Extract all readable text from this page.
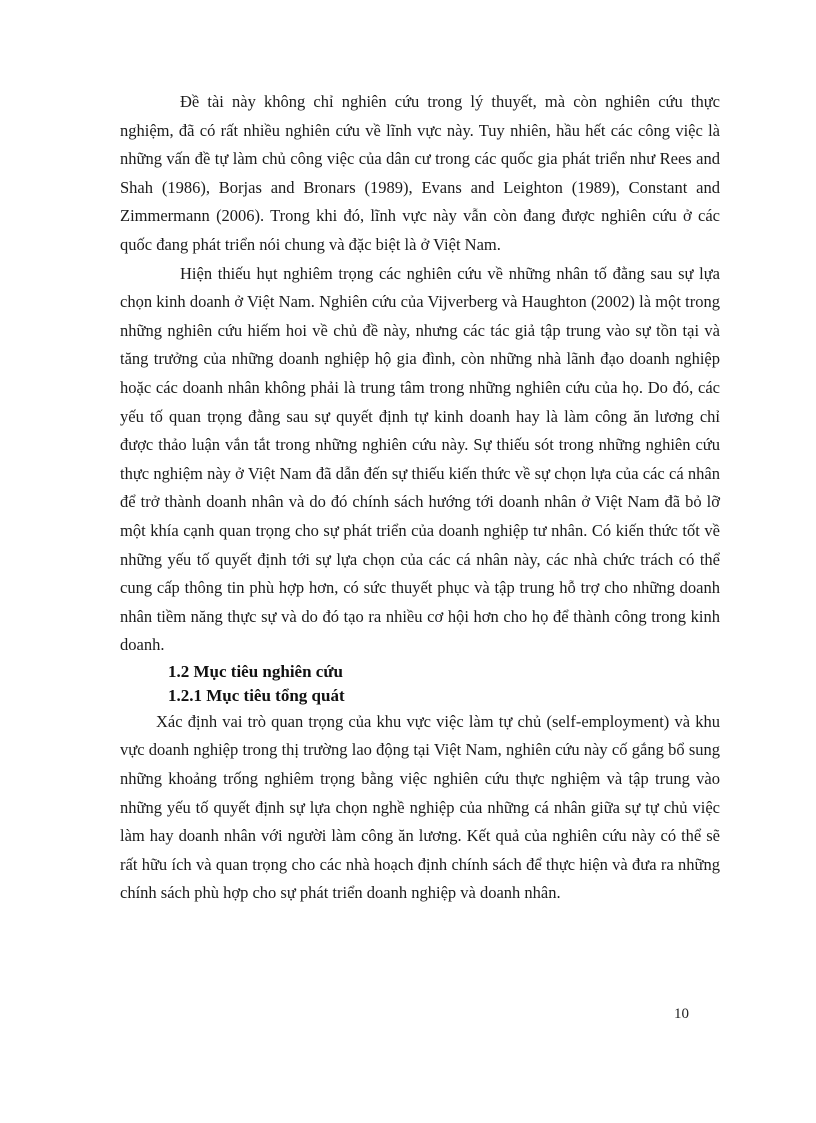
Đề tài này không chỉ nghiên cứu trong lý thuyết, mà còn nghiên cứu thực nghiệm, đã có rất nhiều nghiên cứu về lĩnh vực này. Tuy nhiên, hầu hết các công việc là những vấn đề tự làm chủ công việc của dân cư trong các quốc gia phát triển như Rees and Shah (1986), Borjas and Bronars (1989), Evans and Leighton (1989), Constant and Zimmermann (2006). Trong khi đó, lĩnh vực này vẫn còn đang được nghiên cứu ở các quốc đang phát triển nói chung và đặc biệt là ở Việt Nam.

Hiện thiếu hụt nghiêm trọng các nghiên cứu về những nhân tố đằng sau sự lựa chọn kinh doanh ở Việt Nam. Nghiên cứu của Vijverberg và Haughton (2002) là một trong những nghiên cứu hiếm hoi về chủ đề này, nhưng các tác giả tập trung vào sự tồn tại và tăng trưởng của những doanh nghiệp hộ gia đình, còn những nhà lãnh đạo doanh nghiệp hoặc các doanh nhân không phải là trung tâm trong những nghiên cứu của họ. Do đó, các yếu tố quan trọng đằng sau sự quyết định tự kinh doanh hay là làm công ăn lương chỉ được thảo luận vắn tắt trong những nghiên cứu này. Sự thiếu sót trong những nghiên cứu thực nghiệm này ở Việt Nam đã dẫn đến sự thiếu kiến thức về sự chọn lựa của các cá nhân để trở thành doanh nhân và do đó chính sách hướng tới doanh nhân ở Việt Nam đã bỏ lỡ một khía cạnh quan trọng cho sự phát triển của doanh nghiệp tư nhân. Có kiến thức tốt về những yếu tố quyết định tới sự lựa chọn của các cá nhân này, các nhà chức trách có thể cung cấp thông tin phù hợp hơn, có sức thuyết phục và tập trung hỗ trợ cho những doanh nhân tiềm năng thực sự và do đó tạo ra nhiều cơ hội hơn cho họ để thành công trong kinh doanh.

1.2 Mục tiêu nghiên cứu
1.2.1 Mục tiêu tổng quát

Xác định vai trò quan trọng của khu vực việc làm tự chủ (self-employment) và khu vực doanh nghiệp trong thị trường lao động tại Việt Nam, nghiên cứu này cố gắng bổ sung những khoảng trống nghiêm trọng bằng việc nghiên cứu thực nghiệm và tập trung vào những yếu tố quyết định sự lựa chọn nghề nghiệp của những cá nhân giữa sự tự chủ việc làm hay doanh nhân với người làm công ăn lương. Kết quả của nghiên cứu này có thể sẽ rất hữu ích và quan trọng cho các nhà hoạch định chính sách để thực hiện và đưa ra những chính sách phù hợp cho sự phát triển doanh nghiệp và doanh nhân.

10
